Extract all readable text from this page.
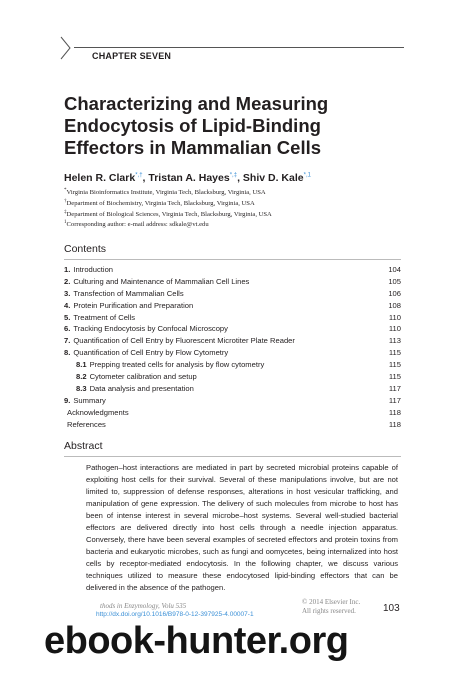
CHAPTER SEVEN
Characterizing and Measuring Endocytosis of Lipid-Binding Effectors in Mammalian Cells
Helen R. Clark*,†, Tristan A. Hayes*,‡, Shiv D. Kale$^{*,1}$
*Virginia Bioinformatics Institute, Virginia Tech, Blacksburg, Virginia, USA
†Department of Biochemistry, Virginia Tech, Blacksburg, Virginia, USA
‡Department of Biological Sciences, Virginia Tech, Blacksburg, Virginia, USA
$^1$Corresponding author: e-mail address: sdkale@vt.edu
Contents
1. Introduction	104
2. Culturing and Maintenance of Mammalian Cell Lines	105
3. Transfection of Mammalian Cells	106
4. Protein Purification and Preparation	108
5. Treatment of Cells	110
6. Tracking Endocytosis by Confocal Microscopy	110
7. Quantification of Cell Entry by Fluorescent Microtiter Plate Reader	113
8. Quantification of Cell Entry by Flow Cytometry	115
8.1 Prepping treated cells for analysis by flow cytometry	115
8.2 Cytometer calibration and setup	115
8.3 Data analysis and presentation	117
9. Summary	117
Acknowledgments	118
References	118
Abstract
Pathogen–host interactions are mediated in part by secreted microbial proteins capable of exploiting host cells for their survival. Several of these manipulations involve, but are not limited to, suppression of defense responses, alterations in host vesicular trafficking, and manipulation of gene expression. The delivery of such molecules from microbe to host has been of intense interest in several microbe–host systems. Several well-studied bacterial effectors are delivered directly into host cells through a needle injection apparatus. Conversely, there have been several examples of secreted effectors and protein toxins from bacteria and eukaryotic microbes, such as fungi and oomycetes, being internalized into host cells by receptor-mediated endocytosis. In the following chapter, we discuss various techniques utilized to measure these endocytosed lipid-binding effectors that can be delivered in the absence of the pathogen.
thods in Enzymology, Volu 535	© 2014 Elsevier Inc.
All rights reserved.	103
http://dx.doi.org/10.1016/B978-0-12-397925-4.00007-1
ebook-hunter.org
